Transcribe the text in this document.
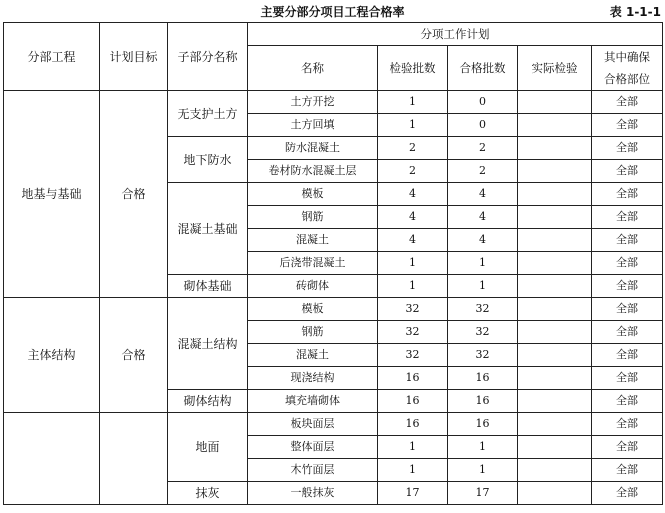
主要分部分项目工程合格率	表 1-1-1
分部工程	计划目标	子部分名称	分项工作计划				
			名称	检验批数	合格批数	实际检验	其中确保
合格部位

地基与基础	合格	无支护土方	土方开挖	1	0		全部
			土方回填	1	0		全部
		地下防水	防水混凝土	2	2		全部
			卷材防水混凝土层	2	2		全部
		混凝土基础	模板	4	4		全部
			钢筋	4	4		全部
			混凝土	4	4		全部
			后浇带混凝土	1	1		全部
		砌体基础	砖砌体	1	1		全部
主体结构	合格	混凝土结构	模板	32	32		全部
			钢筋	32	32		全部
			混凝土	32	32		全部
			现浇结构	16	16		全部
		砌体结构	填充墙砌体	16	16		全部
		地面	板块面层	16	16		全部
			整体面层	1	1		全部
			木竹面层	1	1		全部
		抹灰	一般抹灰	17	17		全部
